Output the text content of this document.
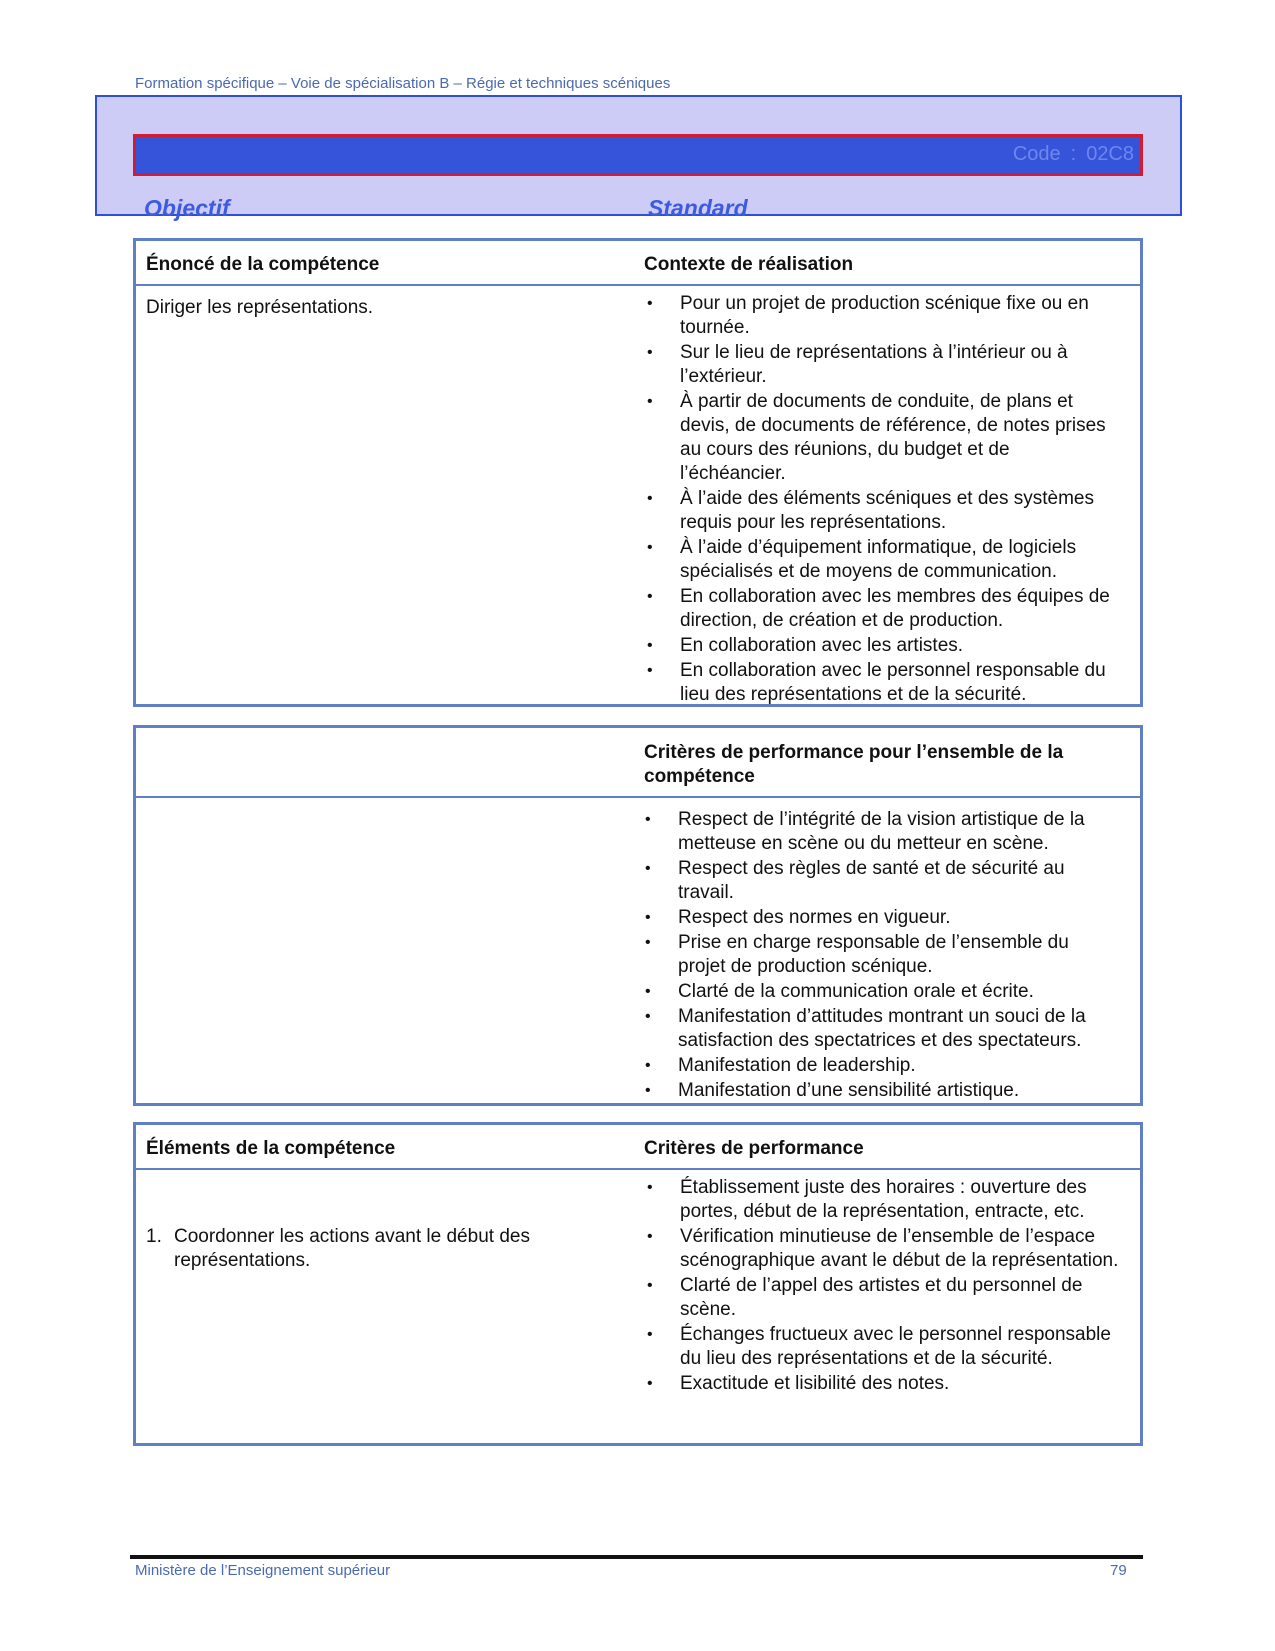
Formation spécifique – Voie de spécialisation B – Régie et techniques scéniques
Code : 02C8
Objectif	Standard
Énoncé de la compétence	Contexte de réalisation
Diriger les représentations.	• Pour un projet de production scénique fixe ou en tournée.
• Sur le lieu de représentations à l’intérieur ou à l’extérieur.
• À partir de documents de conduite, de plans et devis, de documents de référence, de notes prises au cours des réunions, du budget et de l’échéancier.
• À l’aide des éléments scéniques et des systèmes requis pour les représentations.
• À l’aide d’équipement informatique, de logiciels spécialisés et de moyens de communication.
• En collaboration avec les membres des équipes de direction, de création et de production.
• En collaboration avec les artistes.
• En collaboration avec le personnel responsable du lieu des représentations et de la sécurité.
Critères de performance pour l’ensemble de la compétence
• Respect de l’intégrité de la vision artistique de la metteuse en scène ou du metteur en scène.
• Respect des règles de santé et de sécurité au travail.
• Respect des normes en vigueur.
• Prise en charge responsable de l’ensemble du projet de production scénique.
• Clarté de la communication orale et écrite.
• Manifestation d’attitudes montrant un souci de la satisfaction des spectatrices et des spectateurs.
• Manifestation de leadership.
• Manifestation d’une sensibilité artistique.
Éléments de la compétence	Critères de performance
1. Coordonner les actions avant le début des représentations.
• Établissement juste des horaires : ouverture des portes, début de la représentation, entracte, etc.
• Vérification minutieuse de l’ensemble de l’espace scénographique avant le début de la représentation.
• Clarté de l’appel des artistes et du personnel de scène.
• Échanges fructueux avec le personnel responsable du lieu des représentations et de la sécurité.
• Exactitude et lisibilité des notes.
Ministère de l’Enseignement supérieur	79
